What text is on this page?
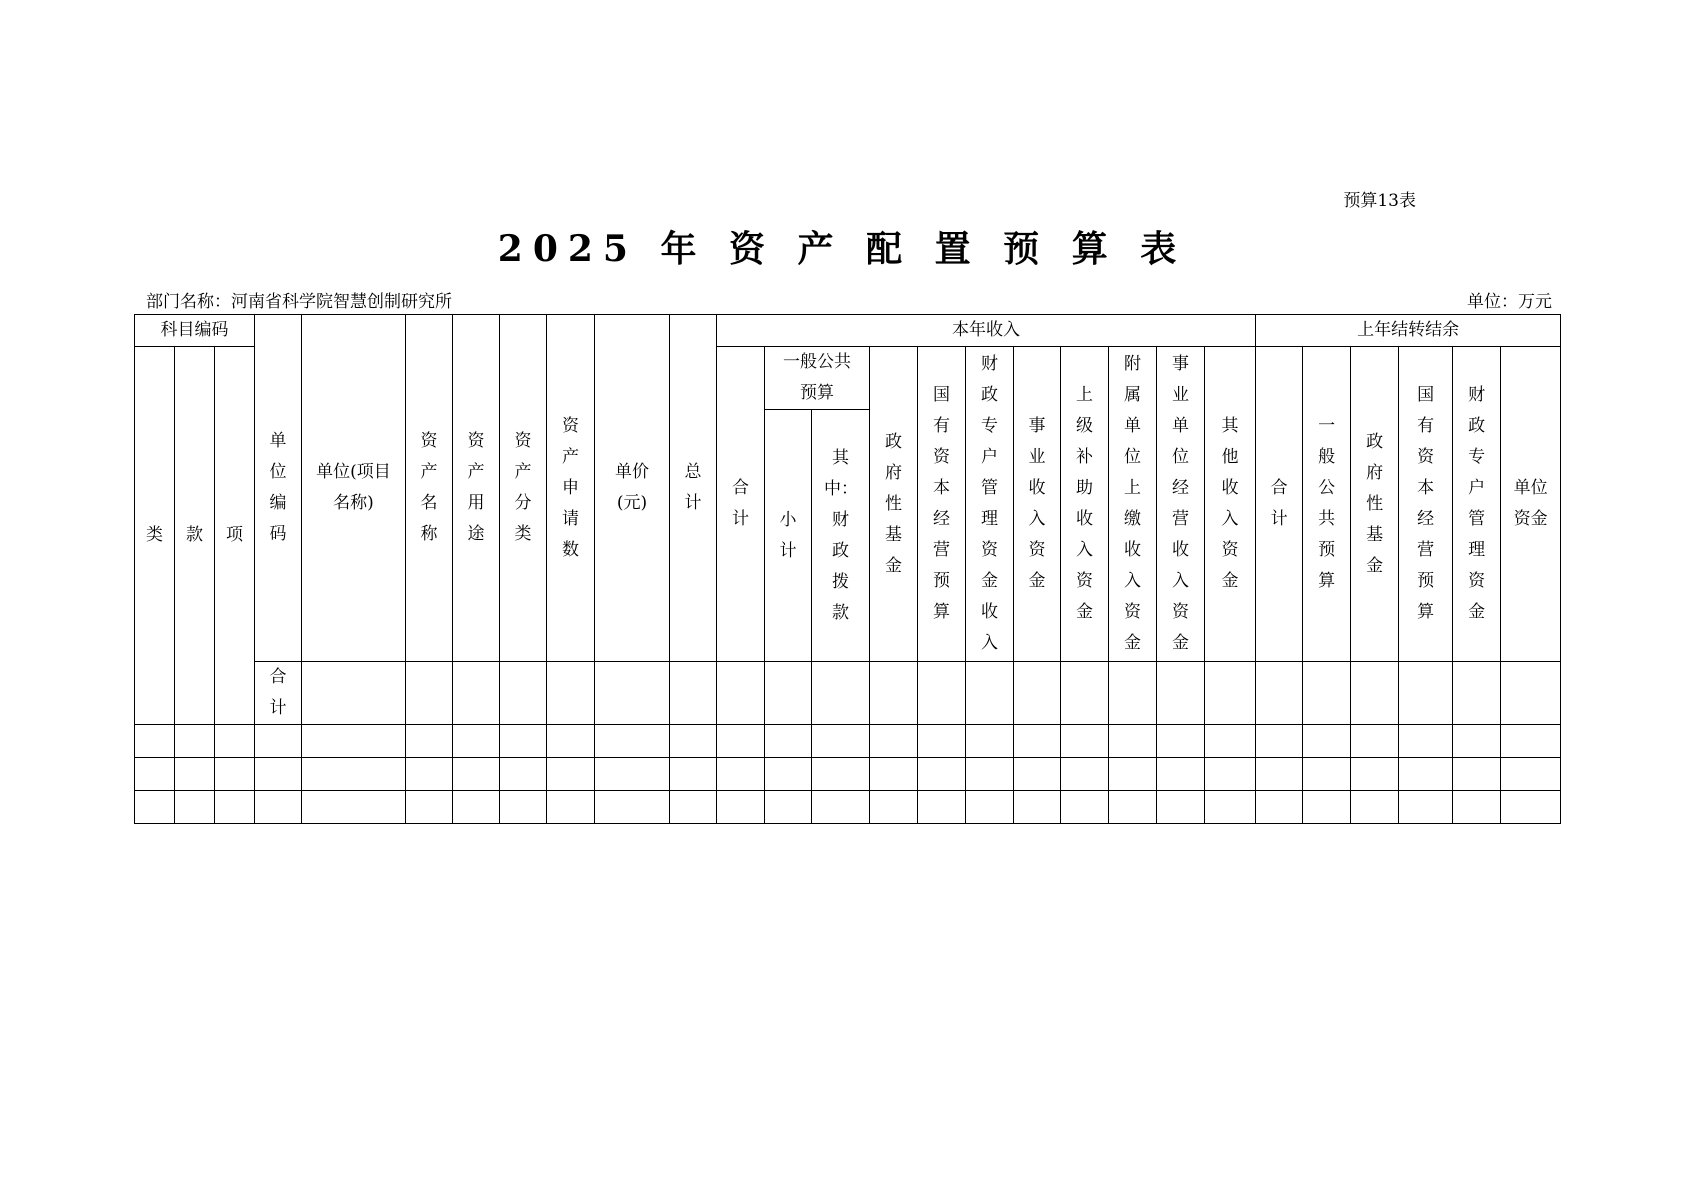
预算13表
2025 年 资 产 配 置 预 算 表
部门名称：河南省科学院智慧创制研究所	单位：万元
科目编码			单位编码	单位(项目名称)	资产名称	资产用途	资产分类	资产申请数	单价(元)	总计	本年收入											上年结转结余					
类	款	项									合计	一般公共预算		政府性基金	国有资本经营预算	财政专户管理资金收入	事业收入资金	上级补助收入资金	附属单位上缴收入资金	事业单位经营收入资金	其他收入资金	合计	一般公共预算	政府性基金	国有资本经营预算	财政专户管理资金	单位资金
												小计	其中：财政拨款														
			合计																								
